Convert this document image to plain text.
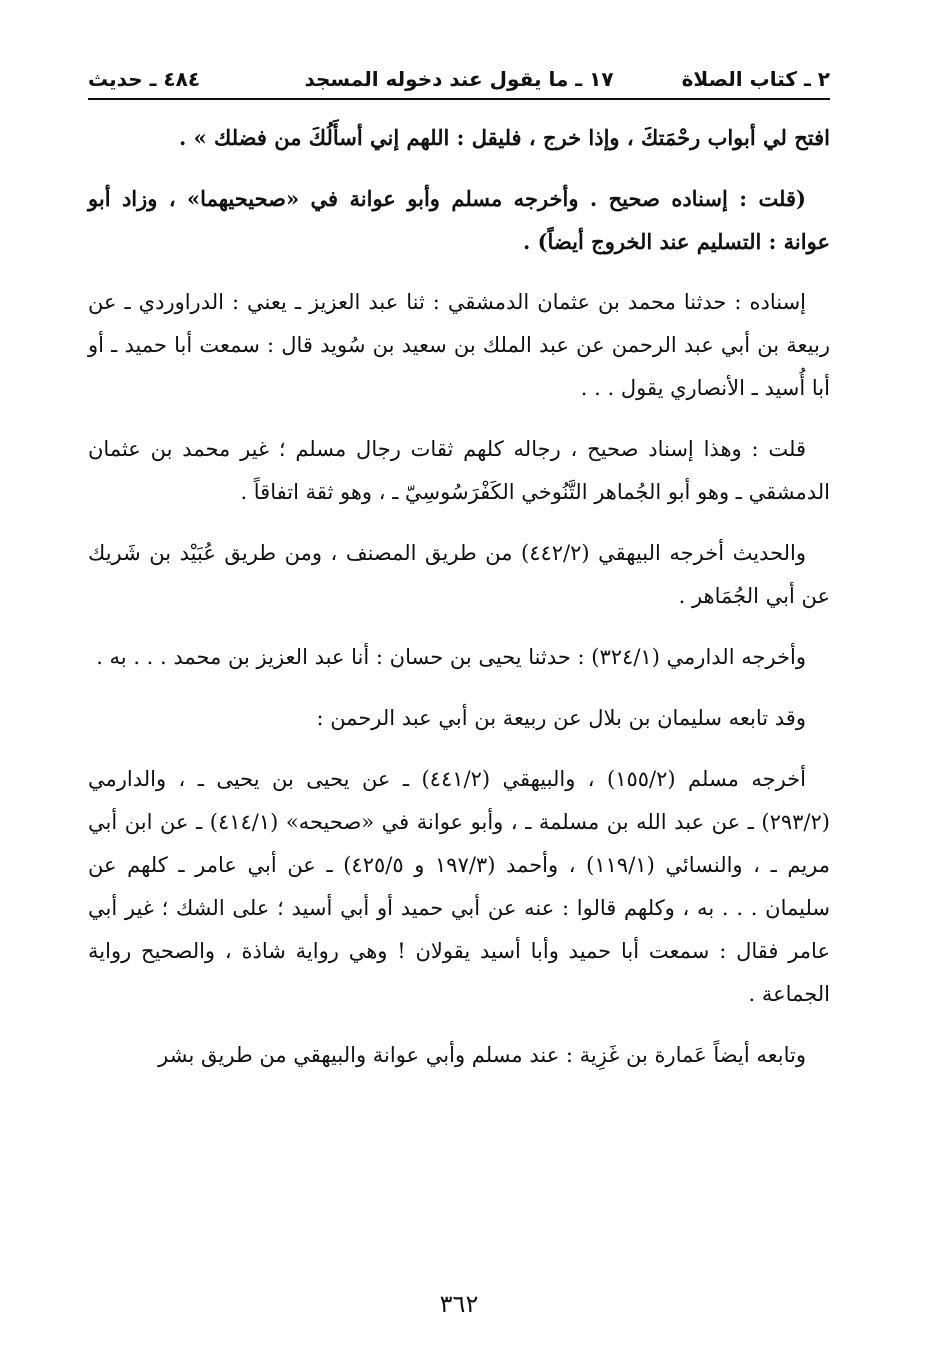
٢ ـ كتاب الصلاة
١٧ ـ ما يقول عند دخوله المسجد
٤٨٤ ـ حديث

افتح لي أبواب رحْمَتكَ ، وإذا خرج ، فليقل : اللهم إني أسأَلُكَ من فضلك » .

(قلت : إسناده صحيح . وأخرجه مسلم وأبو عوانة في «صحيحيهما» ، وزاد أبو عوانة : التسليم عند الخروج أيضاً) .

إسناده : حدثنا محمد بن عثمان الدمشقي : ثنا عبد العزيز ـ يعني : الدراوردي ـ عن ربيعة بن أبي عبد الرحمن عن عبد الملك بن سعيد بن سُويد قال : سمعت أبا حميد ـ أو أبا أُسيد ـ الأنصاري يقول . . .

قلت : وهذا إسناد صحيح ، رجاله كلهم ثقات رجال مسلم ؛ غير محمد بن عثمان الدمشقي ـ وهو أبو الجُماهر التَّنُوخي الكَفْرَسُوسِيّ ـ ، وهو ثقة اتفاقاً .

والحديث أخرجه البيهقي (٤٤٢/٢) من طريق المصنف ، ومن طريق عُبَيْد بن شَريك عن أبي الجُمَاهر .

وأخرجه الدارمي (٣٢٤/١) : حدثنا يحيى بن حسان : أنا عبد العزيز بن محمد . . . به .

وقد تابعه سليمان بن بلال عن ربيعة بن أبي عبد الرحمن :

أخرجه مسلم (١٥٥/٢) ، والبيهقي (٤٤١/٢) ـ عن يحيى بن يحيى ـ ، والدارمي (٢٩٣/٢) ـ عن عبد الله بن مسلمة ـ ، وأبو عوانة في «صحيحه» (٤١٤/١) ـ عن ابن أبي مريم ـ ، والنسائي (١١٩/١) ، وأحمد (١٩٧/٣ و ٤٢٥/٥) ـ عن أبي عامر ـ كلهم عن سليمان . . . به ، وكلهم قالوا : عنه عن أبي حميد أو أبي أسيد ؛ على الشك ؛ غير أبي عامر فقال : سمعت أبا حميد وأبا أسيد يقولان ! وهي رواية شاذة ، والصحيح رواية الجماعة .

وتابعه أيضاً عَمارة بن غَزِية : عند مسلم وأبي عوانة والبيهقي من طريق بشر

٣٦٢
